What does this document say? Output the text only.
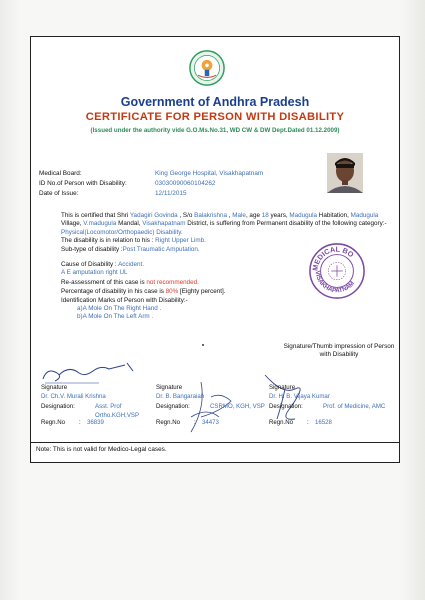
Government of Andhra Pradesh
CERTIFICATE FOR PERSON WITH DISABILITY
(Issued under the authority vide G.O.Ms.No.31, WD CW & DW Dept.Dated 01.12.2009)
Medical Board:	King George Hospital, Visakhapatnam
ID No.of Person with Disability:	03030090060104262
Date of Issue:	12/11/2015

This is certified that Shri Yadagiri Govinda , S/o Balakrishna , Male, age 18 years, Madugula Habitation, Madugula Village, V.madugula Mandal, Visakhapatnam District, is suffering from Permanent disability of the following category:-

Physical(Locomotor/Orthopaedic) Disability.

The disability is in relation to his : Right Upper Limb.

Sub-type of disability :Post Traumatic Amputation.

Cause of Disability : Accident.

A E amputation right UL

Re-assessment of this case is not recommended.

Percentage of disability in his case is 80% [Eighty percent].

Identification Marks of Person with Disability:-

a)A Mole On The Right Hand .

b)A Mole On The Left Arm .

MEDICAL BO
VISAKHAPATNAM
Signature/Thumb impression of Person with Disability
Signature
Dr. Ch.V. Murali Krishna
Designation:	Asst. Prof Ortho.KGH,VSP
Regn.No	:	36839
Signature
Dr. B. Bangaraiah
Designation:	CSRMO, KGH, VSP
Regn.No	:	34473
Signature
Dr. H. B. Vijaya Kumar
Designation:	Prof. of Medicine, AMC
Regn.No	:	16528
Note: This is not valid for Medico-Legal cases.
